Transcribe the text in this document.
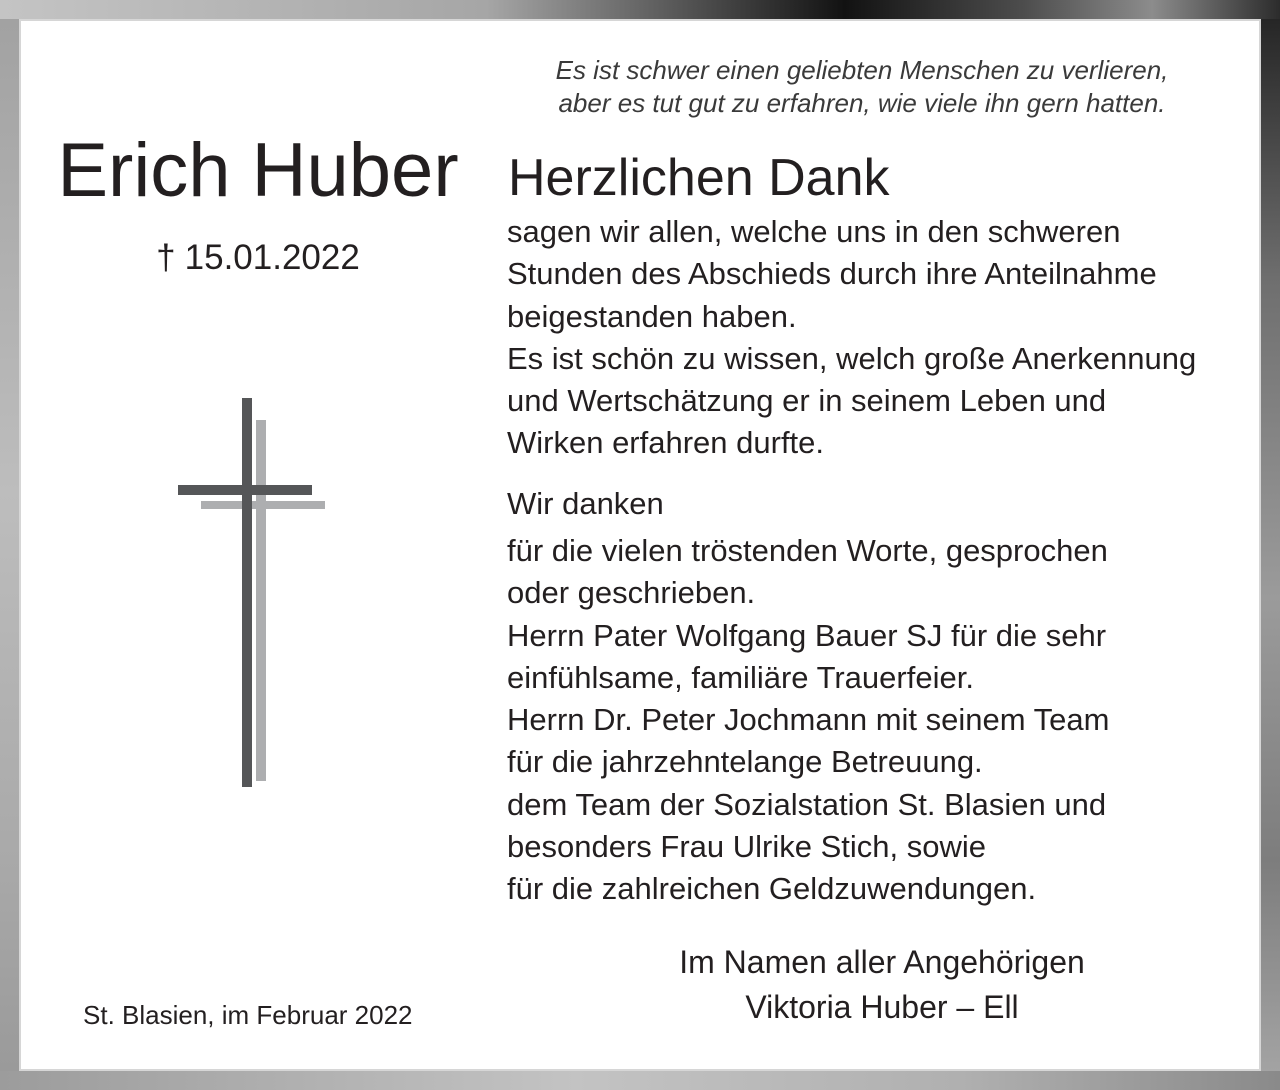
Es ist schwer einen geliebten Menschen zu verlieren,
aber es tut gut zu erfahren, wie viele ihn gern hatten.
Erich Huber
† 15.01.2022
Herzlichen Dank
sagen wir allen, welche uns in den schweren
Stunden des Abschieds durch ihre Anteilnahme
beigestanden haben.
Es ist schön zu wissen, welch große Anerkennung
und Wertschätzung er in seinem Leben und
Wirken erfahren durfte.
Wir danken
für die vielen tröstenden Worte, gesprochen
oder geschrieben.
Herrn Pater Wolfgang Bauer SJ für die sehr
einfühlsame, familiäre Trauerfeier.
Herrn Dr. Peter Jochmann mit seinem Team
für die jahrzehntelange Betreuung.
dem Team der Sozialstation St. Blasien und
besonders Frau Ulrike Stich, sowie
für die zahlreichen Geldzuwendungen.
Im Namen aller Angehörigen
Viktoria Huber – Ell
St. Blasien, im Februar 2022
